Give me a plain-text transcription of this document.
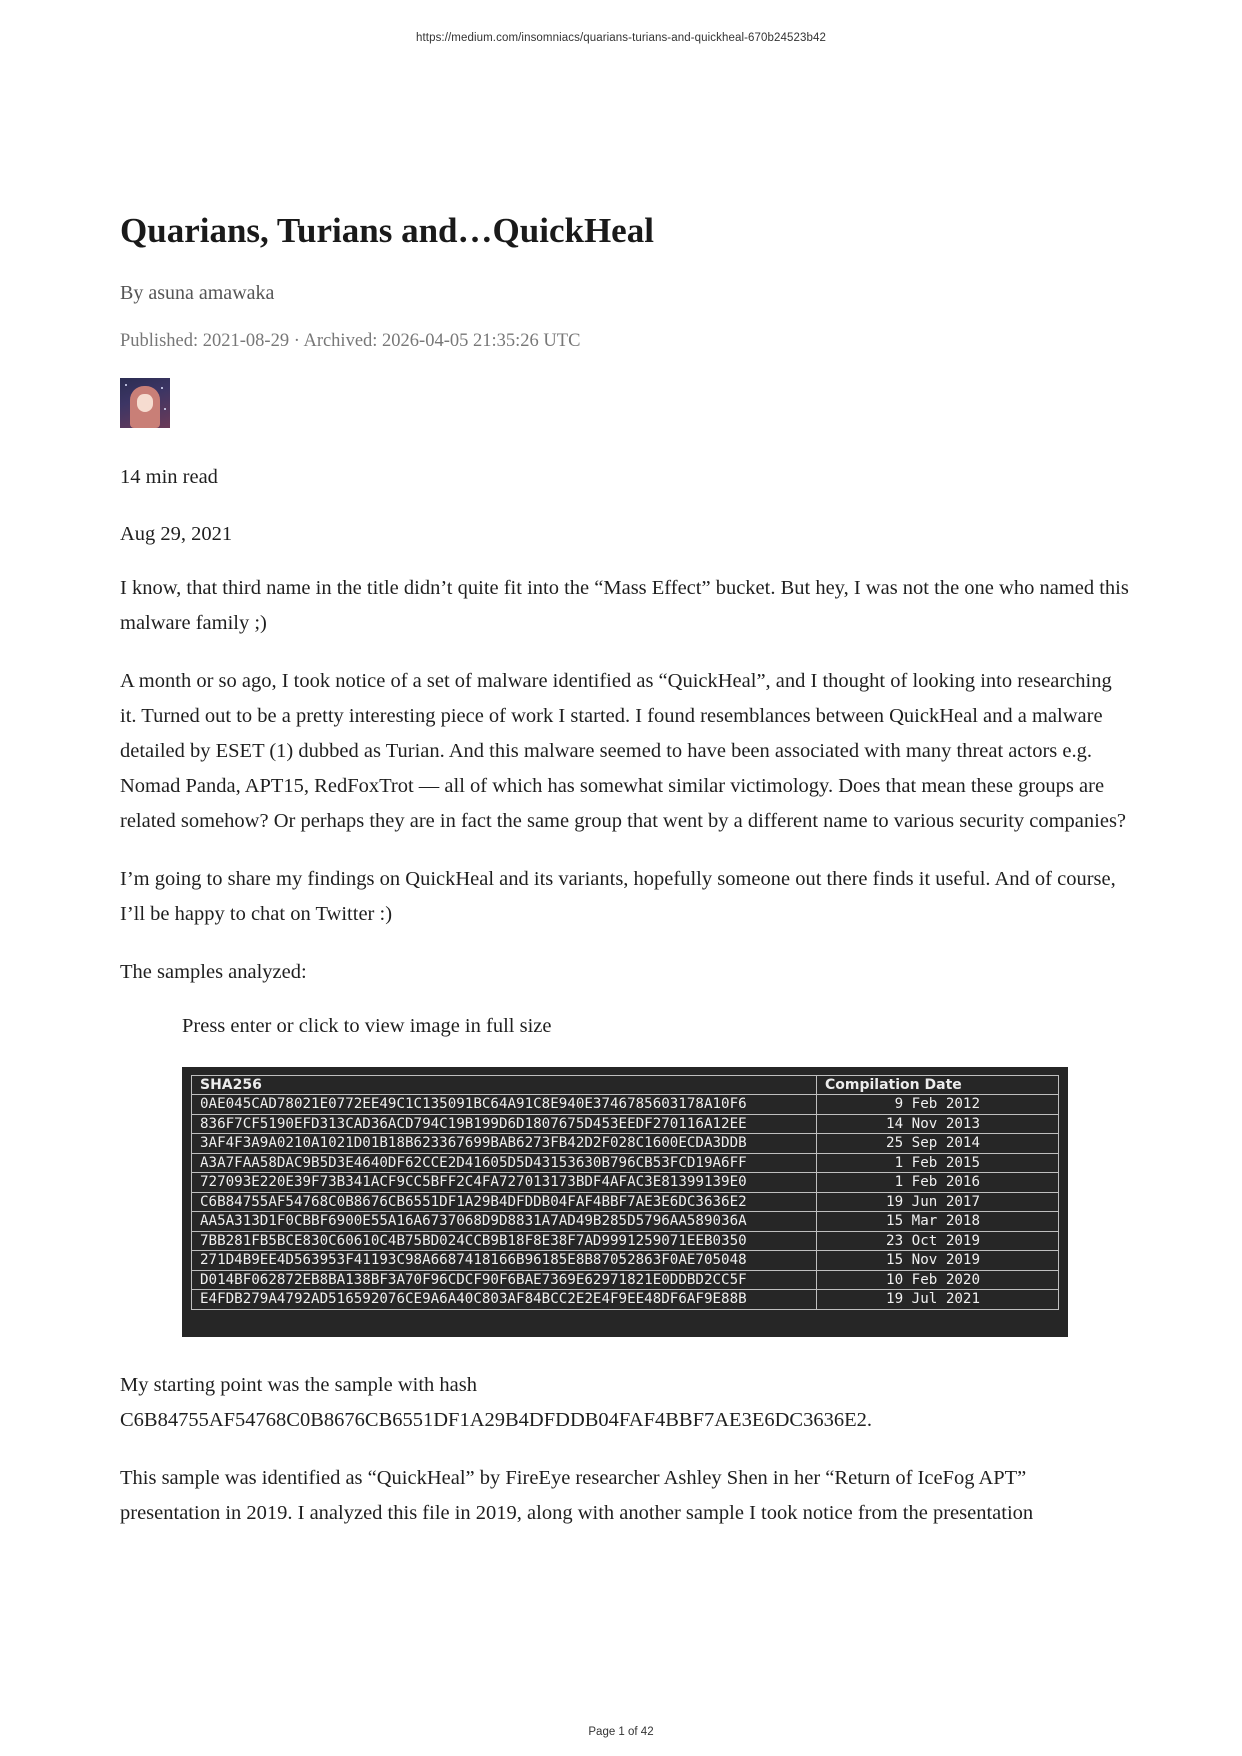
https://medium.com/insomniacs/quarians-turians-and-quickheal-670b24523b42
Quarians, Turians and…QuickHeal
By asuna amawaka
Published: 2021-08-29 · Archived: 2026-04-05 21:35:26 UTC

14 min read

Aug 29, 2021

I know, that third name in the title didn’t quite fit into the “Mass Effect” bucket. But hey, I was not the one who named this malware family ;)

A month or so ago, I took notice of a set of malware identified as “QuickHeal”, and I thought of looking into researching it. Turned out to be a pretty interesting piece of work I started. I found resemblances between QuickHeal and a malware detailed by ESET (1) dubbed as Turian. And this malware seemed to have been associated with many threat actors e.g. Nomad Panda, APT15, RedFoxTrot — all of which has somewhat similar victimology. Does that mean these groups are related somehow? Or perhaps they are in fact the same group that went by a different name to various security companies?

I’m going to share my findings on QuickHeal and its variants, hopefully someone out there finds it useful. And of course, I’ll be happy to chat on Twitter :)

The samples analyzed:

Press enter or click to view image in full size
SHA256	Compilation Date
0AE045CAD78021E0772EE49C1C135091BC64A91C8E940E3746785603178A10F6	9 Feb 2012
836F7CF5190EFD313CAD36ACD794C19B199D6D1807675D453EEDF270116A12EE	14 Nov 2013
3AF4F3A9A0210A1021D01B18B623367699BAB6273FB42D2F028C1600ECDA3DDB	25 Sep 2014
A3A7FAA58DAC9B5D3E4640DF62CCE2D41605D5D43153630B796CB53FCD19A6FF	1 Feb 2015
727093E220E39F73B341ACF9CC5BFF2C4FA727013173BDF4AFAC3E81399139E0	1 Feb 2016
C6B84755AF54768C0B8676CB6551DF1A29B4DFDDB04FAF4BBF7AE3E6DC3636E2	19 Jun 2017
AA5A313D1F0CBBF6900E55A16A6737068D9D8831A7AD49B285D5796AA589036A	15 Mar 2018
7BB281FB5BCE830C60610C4B75BD024CCB9B18F8E38F7AD9991259071EEB0350	23 Oct 2019
271D4B9EE4D563953F41193C98A6687418166B96185E8B87052863F0AE705048	15 Nov 2019
D014BF062872EB8BA138BF3A70F96CDCF90F6BAE7369E62971821E0DDBD2CC5F	10 Feb 2020
E4FDB279A4792AD516592076CE9A6A40C803AF84BCC2E2E4F9EE48DF6AF9E88B	19 Jul 2021

My starting point was the sample with hash C6B84755AF54768C0B8676CB6551DF1A29B4DFDDB04FAF4BBF7AE3E6DC3636E2.

This sample was identified as “QuickHeal” by FireEye researcher Ashley Shen in her “Return of IceFog APT” presentation in 2019. I analyzed this file in 2019, along with another sample I took notice from the presentation

Page 1 of 42
